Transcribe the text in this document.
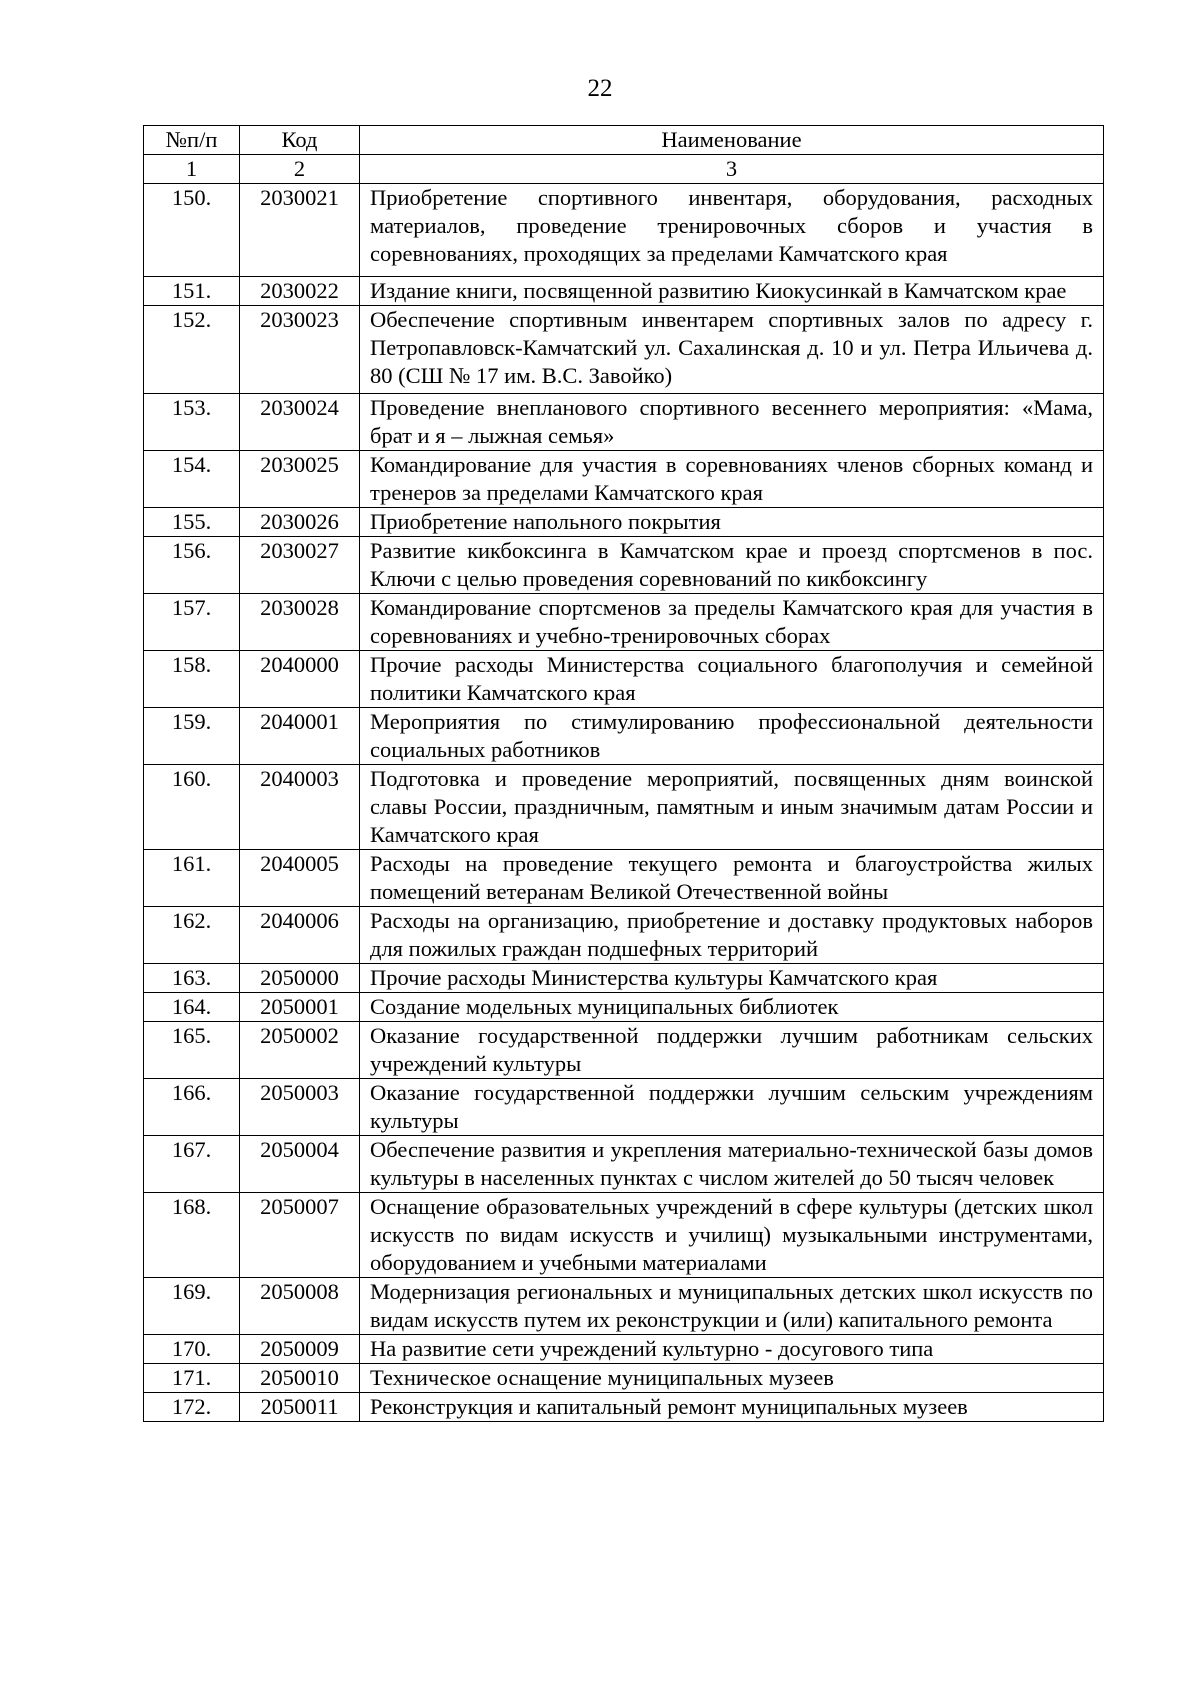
22
№п/п	Код	Наименование
1	2	3
150.	2030021	Приобретение спортивного инвентаря, оборудования, расходных материалов, проведение тренировочных сборов и участия в соревнованиях, проходящих за пределами Камчатского края
151.	2030022	Издание книги, посвященной развитию Киокусинкай в Камчатском крае
152.	2030023	Обеспечение спортивным инвентарем спортивных залов по адресу г. Петропавловск-Камчатский ул. Сахалинская д. 10 и ул. Петра Ильичева д. 80 (СШ № 17 им. В.С. Завойко)
153.	2030024	Проведение внепланового спортивного весеннего мероприятия: «Мама, брат и я – лыжная семья»
154.	2030025	Командирование для участия в соревнованиях членов сборных команд и тренеров за пределами Камчатского края
155.	2030026	Приобретение напольного покрытия
156.	2030027	Развитие кикбоксинга в Камчатском крае и проезд спортсменов в пос. Ключи с целью проведения соревнований по кикбоксингу
157.	2030028	Командирование спортсменов за пределы Камчатского края для участия в соревнованиях и учебно-тренировочных сборах
158.	2040000	Прочие расходы Министерства социального благополучия и семейной политики Камчатского края
159.	2040001	Мероприятия по стимулированию профессиональной деятельности социальных работников
160.	2040003	Подготовка и проведение мероприятий, посвященных дням воинской славы России, праздничным, памятным и иным значимым датам России и Камчатского края
161.	2040005	Расходы на проведение текущего ремонта и благоустройства жилых помещений ветеранам Великой Отечественной войны
162.	2040006	Расходы на организацию, приобретение и доставку продуктовых наборов для пожилых граждан подшефных территорий
163.	2050000	Прочие расходы Министерства культуры Камчатского края
164.	2050001	Создание модельных муниципальных библиотек
165.	2050002	Оказание государственной поддержки лучшим работникам сельских учреждений культуры
166.	2050003	Оказание государственной поддержки лучшим сельским учреждениям культуры
167.	2050004	Обеспечение развития и укрепления материально-технической базы домов культуры в населенных пунктах с числом жителей до 50 тысяч человек
168.	2050007	Оснащение образовательных учреждений в сфере культуры (детских школ искусств по видам искусств и училищ) музыкальными инструментами, оборудованием и учебными материалами
169.	2050008	Модернизация региональных и муниципальных детских школ искусств по видам искусств путем их реконструкции и (или) капитального ремонта
170.	2050009	На развитие сети учреждений культурно - досугового типа
171.	2050010	Техническое оснащение муниципальных музеев
172.	2050011	Реконструкция и капитальный ремонт муниципальных музеев
